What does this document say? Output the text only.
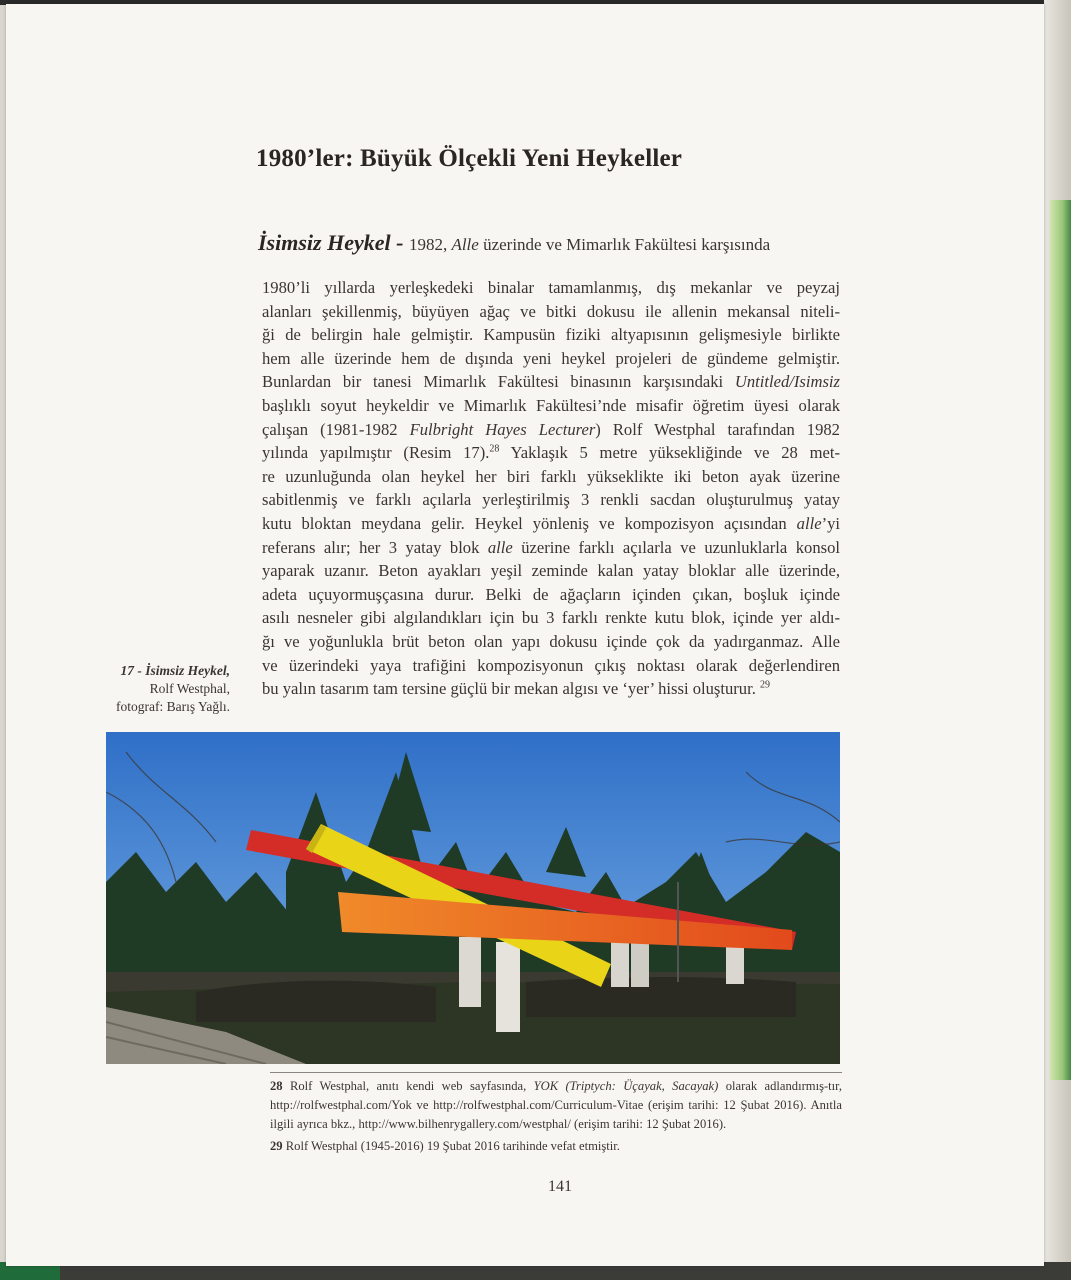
1980’ler: Büyük Ölçekli Yeni Heykeller
İsimsiz Heykel - 1982, Alle üzerinde ve Mimarlık Fakültesi karşısında
1980’li yıllarda yerleşkedeki binalar tamamlanmış, dış mekanlar ve peyzaj
alanları şekillenmiş, büyüyen ağaç ve bitki dokusu ile allenin mekansal niteli-
ği de belirgin hale gelmiştir. Kampusün fiziki altyapısının gelişmesiyle birlikte
hem alle üzerinde hem de dışında yeni heykel projeleri de gündeme gelmiştir.
Bunlardan bir tanesi Mimarlık Fakültesi binasının karşısındaki Untitled/Isimsiz
başlıklı soyut heykeldir ve Mimarlık Fakültesi’nde misafir öğretim üyesi olarak
çalışan (1981-1982 Fulbright Hayes Lecturer) Rolf Westphal tarafından 1982
yılında yapılmıştır (Resim 17).$^{28}$ Yaklaşık 5 metre yüksekliğinde ve 28 met-
re uzunluğunda olan heykel her biri farklı yükseklikte iki beton ayak üzerine
sabitlenmiş ve farklı açılarla yerleştirilmiş 3 renkli sacdan oluşturulmuş yatay
kutu bloktan meydana gelir. Heykel yönleniş ve kompozisyon açısından alle’yi
referans alır; her 3 yatay blok alle üzerine farklı açılarla ve uzunluklarla konsol
yaparak uzanır. Beton ayakları yeşil zeminde kalan yatay bloklar alle üzerinde,
adeta uçuyormuşçasına durur. Belki de ağaçların içinden çıkan, boşluk içinde
asılı nesneler gibi algılandıkları için bu 3 farklı renkte kutu blok, içinde yer aldı-
ğı ve yoğunlukla brüt beton olan yapı dokusu içinde çok da yadırganmaz. Alle
ve üzerindeki yaya trafiğini kompozisyonun çıkış noktası olarak değerlendiren
bu yalın tasarım tam tersine güçlü bir mekan algısı ve ‘yer’ hissi oluşturur. $^{29}$
17 - İsimsiz Heykel,
Rolf Westphal,
fotograf: Barış Yağlı.
28 Rolf Westphal, anıtı kendi web sayfasında, YOK (Triptych: Üçayak, Sacayak) olarak adlandırmış-tır, http://rolfwestphal.com/Yok ve http://rolfwestphal.com/Curriculum-Vitae (erişim tarihi: 12 Şubat 2016). Anıtla ilgili ayrıca bkz., http://www.bilhenrygallery.com/westphal/ (erişim tarihi: 12 Şubat 2016).
29 Rolf Westphal (1945-2016) 19 Şubat 2016 tarihinde vefat etmiştir.
141
